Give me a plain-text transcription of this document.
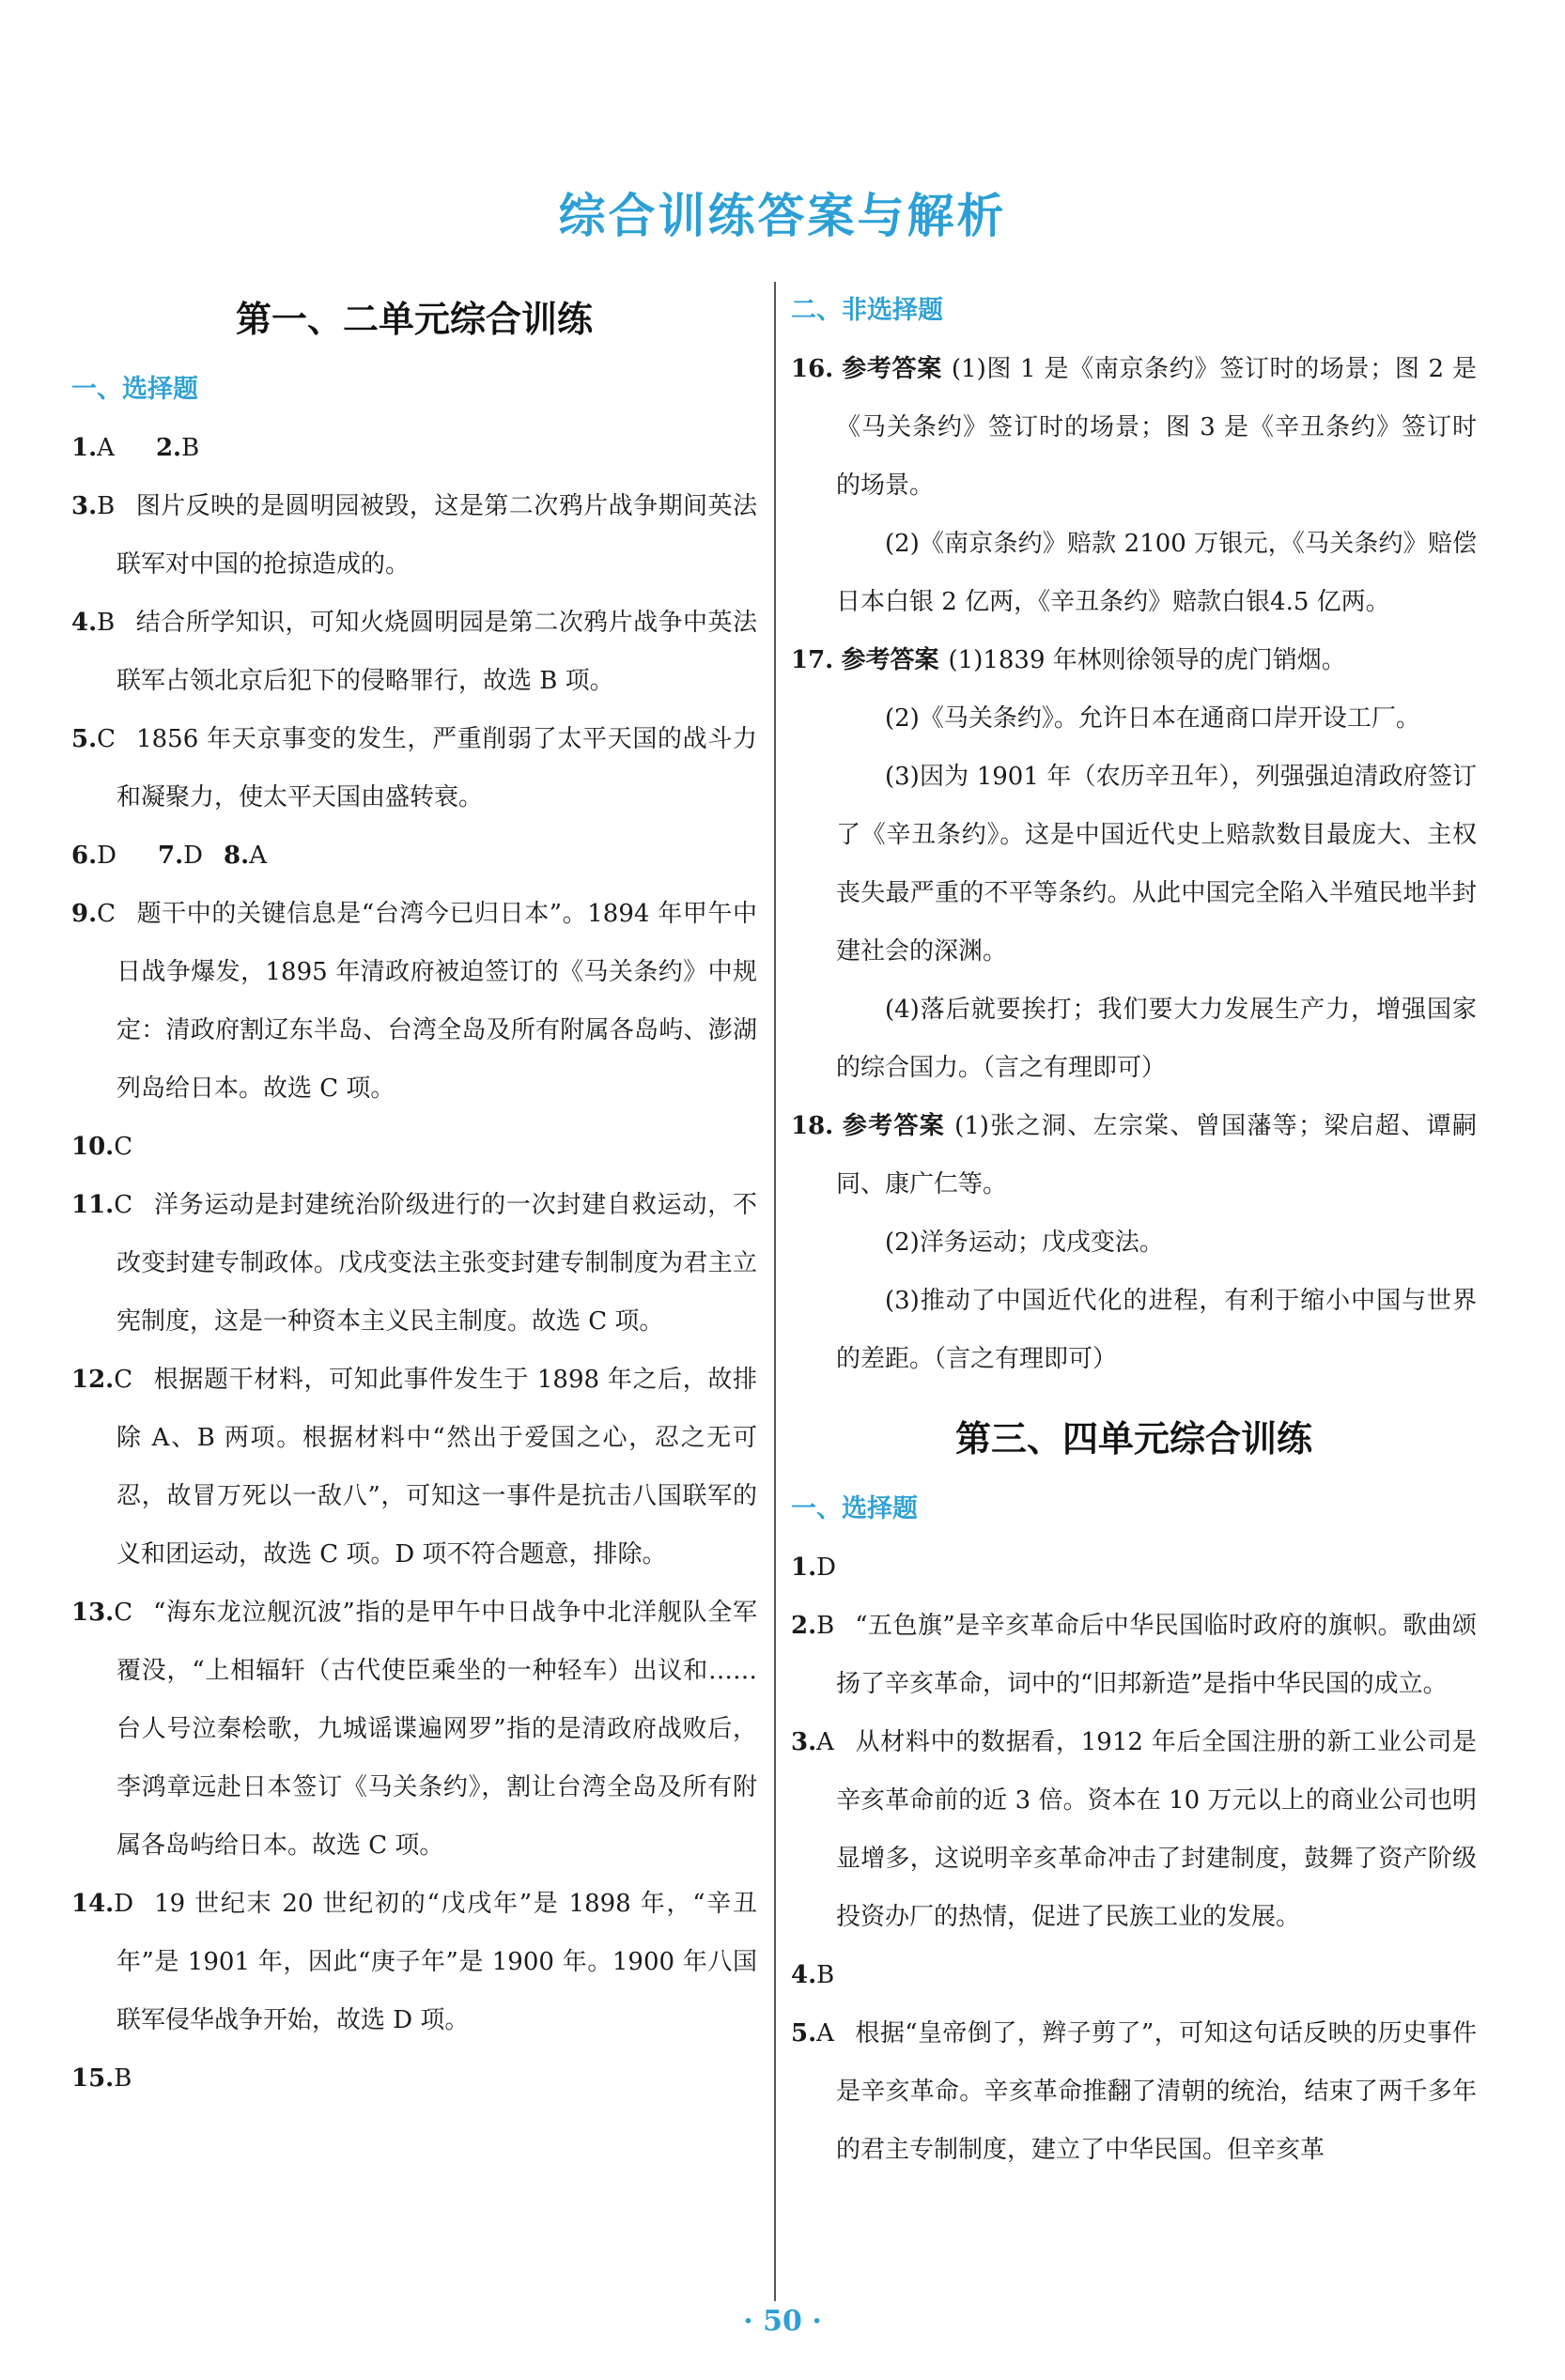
综合训练答案与解析
第一、二单元综合训练
一、选择题
1.A 2.B
3.B 图片反映的是圆明园被毁，这是第二次鸦片战争期间英法联军对中国的抢掠造成的。
4.B 结合所学知识，可知火烧圆明园是第二次鸦片战争中英法联军占领北京后犯下的侵略罪行，故选 B 项。
5.C 1856 年天京事变的发生，严重削弱了太平天国的战斗力和凝聚力，使太平天国由盛转衰。
6.D 7.D 8.A
9.C 题干中的关键信息是“台湾今已归日本”。1894 年甲午中日战争爆发，1895 年清政府被迫签订的《马关条约》中规定：清政府割辽东半岛、台湾全岛及所有附属各岛屿、澎湖列岛给日本。故选 C 项。
10.C
11.C 洋务运动是封建统治阶级进行的一次封建自救运动，不改变封建专制政体。戊戌变法主张变封建专制制度为君主立宪制度，这是一种资本主义民主制度。故选 C 项。
12.C 根据题干材料，可知此事件发生于 1898 年之后，故排除 A、B 两项。根据材料中“然出于爱国之心，忍之无可忍，故冒万死以一敌八”，可知这一事件是抗击八国联军的义和团运动，故选 C 项。D 项不符合题意，排除。
13.C “海东龙泣舰沉波”指的是甲午中日战争中北洋舰队全军覆没，“上相辐轩（古代使臣乘坐的一种轻车）出议和……台人号泣秦桧歌，九城谣谍遍网罗”指的是清政府战败后，李鸿章远赴日本签订《马关条约》，割让台湾全岛及所有附属各岛屿给日本。故选 C 项。
14.D 19 世纪末 20 世纪初的“戊戌年”是 1898 年，“辛丑年”是 1901 年，因此“庚子年”是 1900 年。1900 年八国联军侵华战争开始，故选 D 项。
15.B
二、非选择题
16. 参考答案 (1)图 1 是《南京条约》签订时的场景；图 2 是《马关条约》签订时的场景；图 3 是《辛丑条约》签订时的场景。
(2)《南京条约》赔款 2100 万银元，《马关条约》赔偿日本白银 2 亿两，《辛丑条约》赔款白银4.5 亿两。
17. 参考答案 (1)1839 年林则徐领导的虎门销烟。
(2)《马关条约》。允许日本在通商口岸开设工厂。
(3)因为 1901 年（农历辛丑年），列强强迫清政府签订了《辛丑条约》。这是中国近代史上赔款数目最庞大、主权丧失最严重的不平等条约。从此中国完全陷入半殖民地半封建社会的深渊。
(4)落后就要挨打；我们要大力发展生产力，增强国家的综合国力。（言之有理即可）
18. 参考答案 (1)张之洞、左宗棠、曾国藩等；梁启超、谭嗣同、康广仁等。
(2)洋务运动；戊戌变法。
(3)推动了中国近代化的进程，有利于缩小中国与世界的差距。（言之有理即可）
第三、四单元综合训练
一、选择题
1.D
2.B “五色旗”是辛亥革命后中华民国临时政府的旗帜。歌曲颂扬了辛亥革命，词中的“旧邦新造”是指中华民国的成立。
3.A 从材料中的数据看，1912 年后全国注册的新工业公司是辛亥革命前的近 3 倍。资本在 10 万元以上的商业公司也明显增多，这说明辛亥革命冲击了封建制度，鼓舞了资产阶级投资办厂的热情，促进了民族工业的发展。
4.B
5.A 根据“皇帝倒了，辫子剪了”，可知这句话反映的历史事件是辛亥革命。辛亥革命推翻了清朝的统治，结束了两千多年的君主专制制度，建立了中华民国。但辛亥革
· 50 ·
